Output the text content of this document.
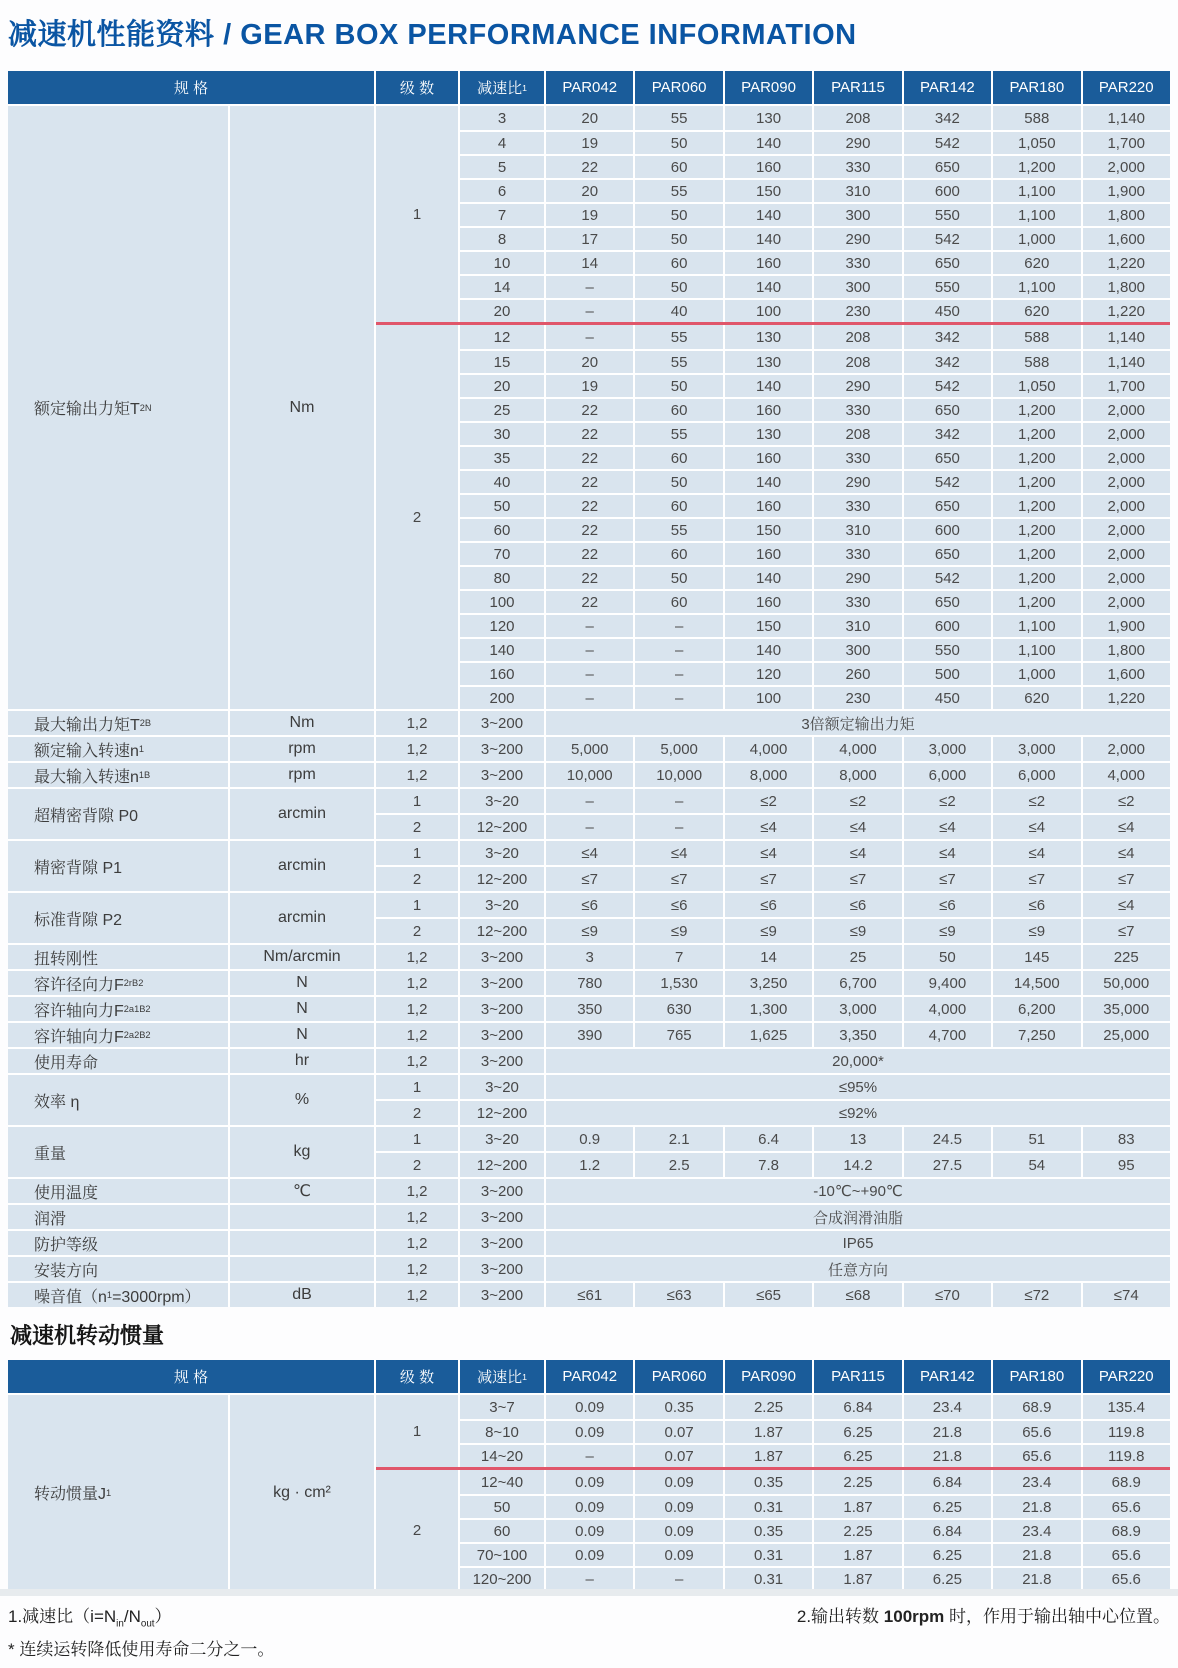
减速机性能资料 / GEAR BOX PERFORMANCE INFORMATION
规 格	级 数	减速比 1	PAR042	PAR060	PAR090	PAR115	PAR142	PAR180	PAR220
额定输出力矩T 2N	Nm
1
3	20	55	130	208	342	588	1,140
4	19	50	140	290	542	1,050	1,700
5	22	60	160	330	650	1,200	2,000
6	20	55	150	310	600	1,100	1,900
7	19	50	140	300	550	1,100	1,800
8	17	50	140	290	542	1,000	1,600
10	14	60	160	330	650	620	1,220
14	–	50	140	300	550	1,100	1,800
20	–	40	100	230	450	620	1,220
2
12	–	55	130	208	342	588	1,140
15	20	55	130	208	342	588	1,140
20	19	50	140	290	542	1,050	1,700
25	22	60	160	330	650	1,200	2,000
30	22	55	130	208	342	1,200	2,000
35	22	60	160	330	650	1,200	2,000
40	22	50	140	290	542	1,200	2,000
50	22	60	160	330	650	1,200	2,000
60	22	55	150	310	600	1,200	2,000
70	22	60	160	330	650	1,200	2,000
80	22	50	140	290	542	1,200	2,000
100	22	60	160	330	650	1,200	2,000
120	–	–	150	310	600	1,100	1,900
140	–	–	140	300	550	1,100	1,800
160	–	–	120	260	500	1,000	1,600
200	–	–	100	230	450	620	1,220
最大输出力矩T 2B	Nm	1,2	3~200	3倍额定输出力矩
额定输入转速n 1	rpm	1,2	3~200	5,000	5,000	4,000	4,000	3,000	3,000	2,000
最大输入转速n 1B	rpm	1,2	3~200	10,000	10,000	8,000	8,000	6,000	6,000	4,000
超精密背隙 P0	arcmin
1	3~20	–	–	≤2	≤2	≤2	≤2	≤2
2	12~200	–	–	≤4	≤4	≤4	≤4	≤4
精密背隙 P1	arcmin
1	3~20	≤4	≤4	≤4	≤4	≤4	≤4	≤4
2	12~200	≤7	≤7	≤7	≤7	≤7	≤7	≤7
标准背隙 P2	arcmin
1	3~20	≤6	≤6	≤6	≤6	≤6	≤6	≤4
2	12~200	≤9	≤9	≤9	≤9	≤9	≤9	≤7
扭转刚性	Nm/arcmin	1,2	3~200	3	7	14	25	50	145	225
容许径向力F 2rB 2	N	1,2	3~200	780	1,530	3,250	6,700	9,400	14,500	50,000
容许轴向力F 2a1B 2	N	1,2	3~200	350	630	1,300	3,000	4,000	6,200	35,000
容许轴向力F 2a2B 2	N	1,2	3~200	390	765	1,625	3,350	4,700	7,250	25,000
使用寿命	hr	1,2	3~200	20,000*
效率 η	%
1	3~20	≤95%
2	12~200	≤92%
重量	kg
1	3~20	0.9	2.1	6.4	13	24.5	51	83
2	12~200	1.2	2.5	7.8	14.2	27.5	54	95
使用温度	℃	1,2	3~200	-10℃~+90℃
润滑	1,2	3~200	合成润滑油脂
防护等级	1,2	3~200	IP65
安装方向	1,2	3~200	任意方向
噪音值（n 1 =3000rpm）	dB	1,2	3~200	≤61	≤63	≤65	≤68	≤70	≤72	≤74
减速机转动惯量
规 格	级 数	减速比 1	PAR042	PAR060	PAR090	PAR115	PAR142	PAR180	PAR220
转动惯量J 1	kg · cm²
1
3~7	0.09	0.35	2.25	6.84	23.4	68.9	135.4
8~10	0.09	0.07	1.87	6.25	21.8	65.6	119.8
14~20	–	0.07	1.87	6.25	21.8	65.6	119.8
2
12~40	0.09	0.09	0.35	2.25	6.84	23.4	68.9
50	0.09	0.09	0.31	1.87	6.25	21.8	65.6
60	0.09	0.09	0.35	2.25	6.84	23.4	68.9
70~100	0.09	0.09	0.31	1.87	6.25	21.8	65.6
120~200	–	–	0.31	1.87	6.25	21.8	65.6
1.减速比$(i=N_{in}/N_{out})$
* 连续运转降低使用寿命二分之一。
2.输出转数 100rpm 时，作用于输出轴中心位置。
